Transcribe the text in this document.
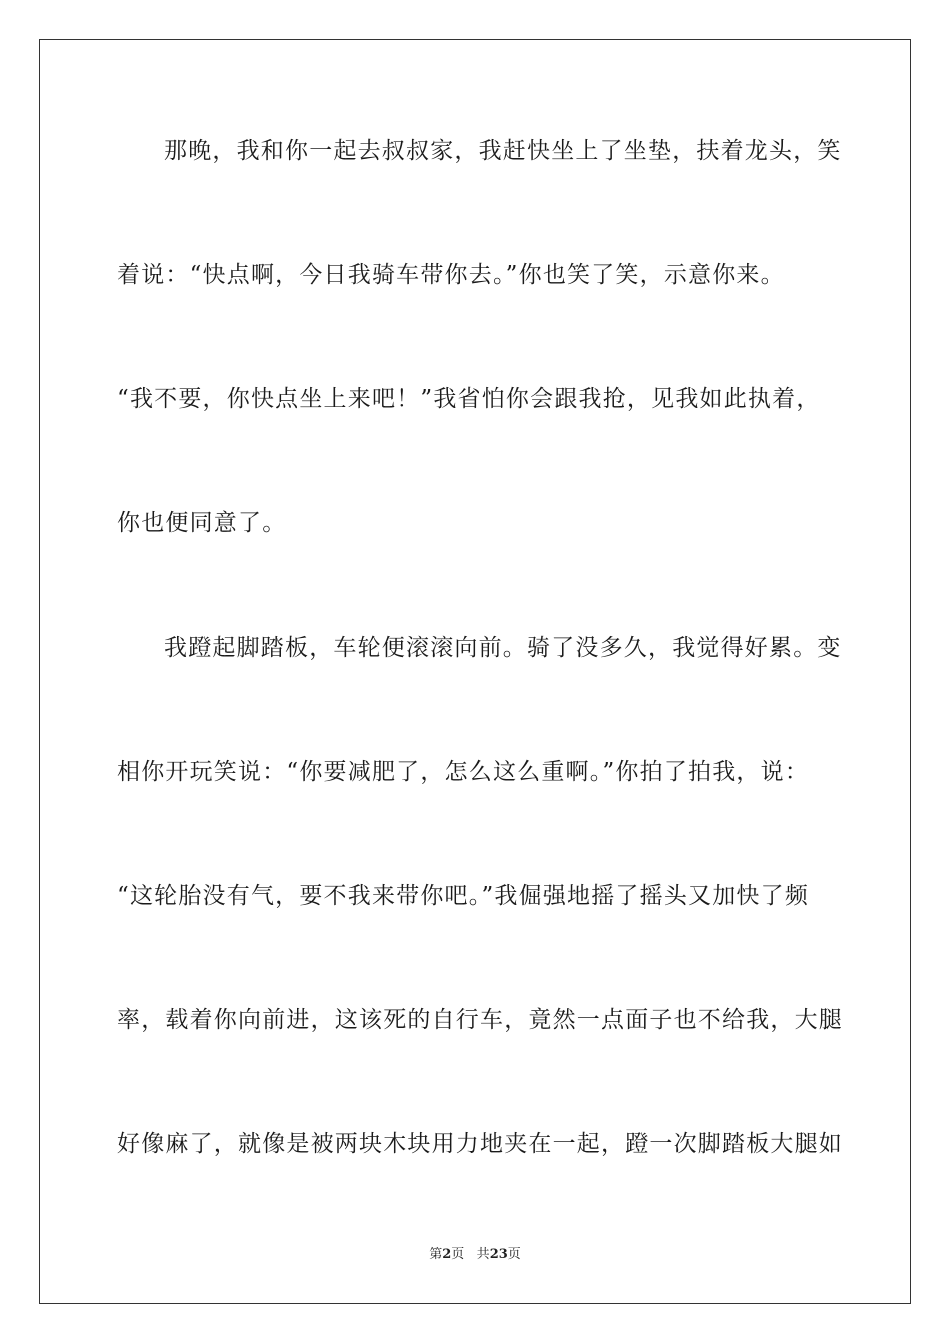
那晚，我和你一起去叔叔家，我赶快坐上了坐垫，扶着龙头，笑
着说：“快点啊，今日我骑车带你去。”你也笑了笑，示意你来。
“我不要，你快点坐上来吧！”我省怕你会跟我抢，见我如此执着，
你也便同意了。
我蹬起脚踏板，车轮便滚滚向前。骑了没多久，我觉得好累。变
相你开玩笑说：“你要减肥了，怎么这么重啊。”你拍了拍我，说：
“这轮胎没有气，要不我来带你吧。”我倔强地摇了摇头又加快了频
率，载着你向前进，这该死的自行车，竟然一点面子也不给我，大腿
好像麻了，就像是被两块木块用力地夹在一起，蹬一次脚踏板大腿如
第2页 共23页
